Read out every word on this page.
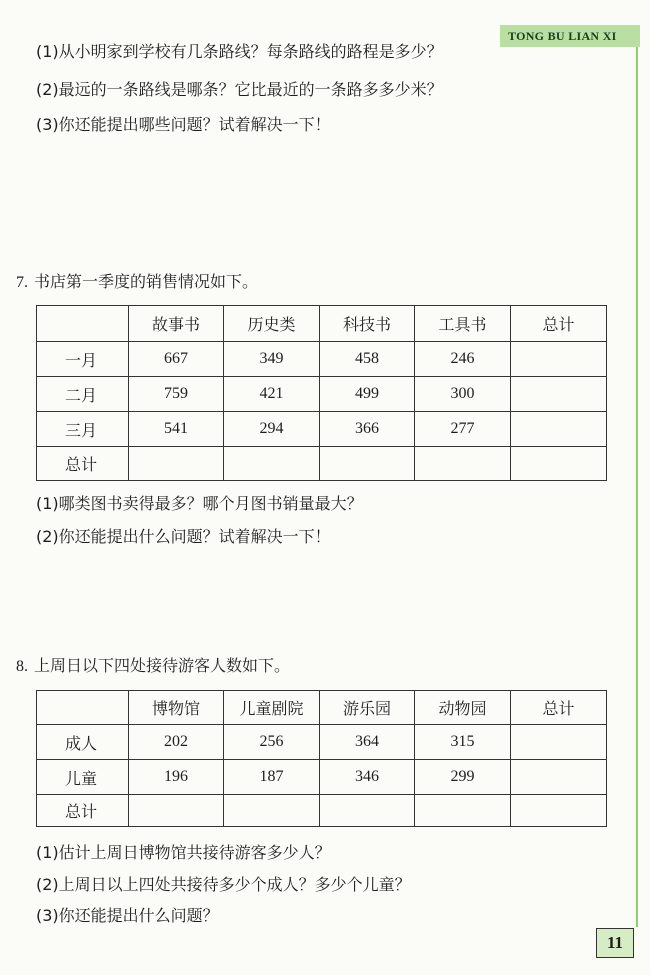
TONG BU LIAN XI
(1)从小明家到学校有几条路线？每条路线的路程是多少？
(2)最远的一条路线是哪条？它比最近的一条路多多少米？
(3)你还能提出哪些问题？试着解决一下！
7. 书店第一季度的销售情况如下。
	故事书	历史类	科技书	工具书	总计
一月	667	349	458	246	
二月	759	421	499	300	
三月	541	294	366	277	
总计					
(1)哪类图书卖得最多？哪个月图书销量最大？
(2)你还能提出什么问题？试着解决一下！
8. 上周日以下四处接待游客人数如下。
	博物馆	儿童剧院	游乐园	动物园	总计
成人	202	256	364	315	
儿童	196	187	346	299	
总计					
(1)估计上周日博物馆共接待游客多少人？
(2)上周日以上四处共接待多少个成人？多少个儿童？
(3)你还能提出什么问题？
11
